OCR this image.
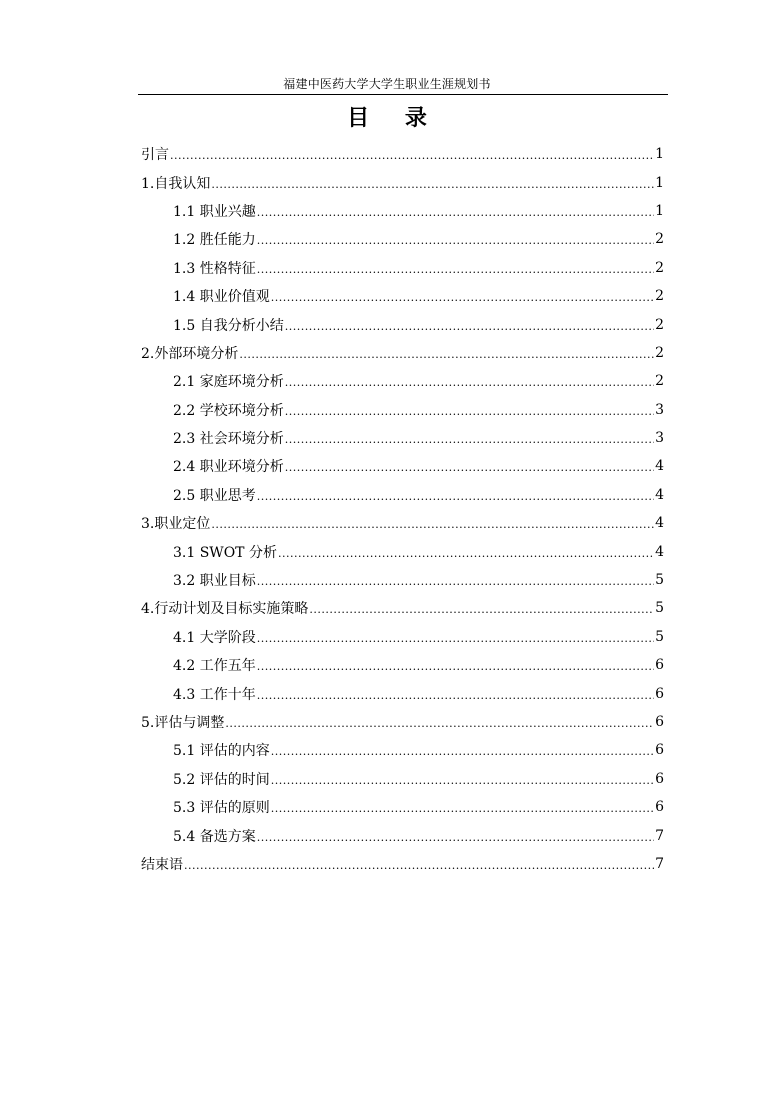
福建中医药大学大学生职业生涯规划书
目 录
引言 .....	1
1.自我认知 .....	1
1.1 职业兴趣 .....	1
1.2 胜任能力 .....	2
1.3 性格特征 .....	2
1.4 职业价值观 .....	2
1.5 自我分析小结 .....	2
2.外部环境分析 .....	2
2.1 家庭环境分析 .....	2
2.2 学校环境分析 .....	3
2.3 社会环境分析 .....	3
2.4 职业环境分析 .....	4
2.5 职业思考 .....	4
3.职业定位 .....	4
3.1 SWOT 分析 .....	4
3.2 职业目标 .....	5
4.行动计划及目标实施策略 .....	5
4.1 大学阶段 .....	5
4.2 工作五年 .....	6
4.3 工作十年 .....	6
5.评估与调整 .....	6
5.1 评估的内容 .....	6
5.2 评估的时间 .....	6
5.3 评估的原则 .....	6
5.4 备选方案 .....	7
结束语 .....	7
